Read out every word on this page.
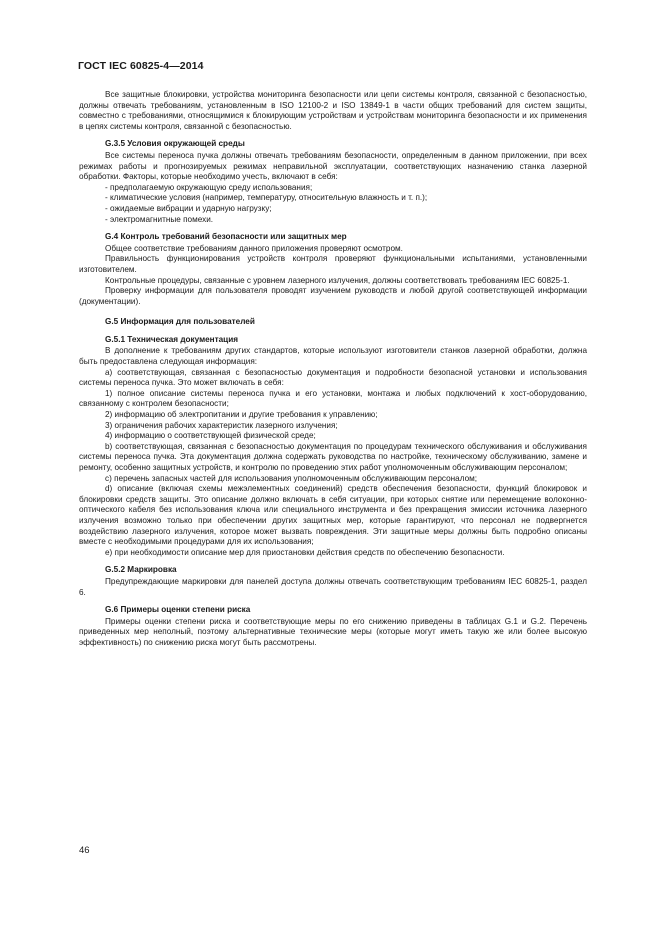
ГОСТ IEC 60825-4—2014

Все защитные блокировки, устройства мониторинга безопасности или цепи системы контроля, связанной с безопасностью, должны отвечать требованиям, установленным в ISO 12100-2 и ISO 13849-1 в части общих требований для систем защиты, совместно с требованиями, относящимися к блокирующим устройствам и устройствам мониторинга безопасности и их применения в цепях системы контроля, связанной с безопасностью.

G.3.5 Условия окружающей среды

Все системы переноса пучка должны отвечать требованиям безопасности, определенным в данном приложении, при всех режимах работы и прогнозируемых режимах неправильной эксплуатации, соответствующих назначению станка лазерной обработки. Факторы, которые необходимо учесть, включают в себя:

- предполагаемую окружающую среду использования;

- климатические условия (например, температуру, относительную влажность и т. п.);

- ожидаемые вибрации и ударную нагрузку;

- электромагнитные помехи.

G.4 Контроль требований безопасности или защитных мер

Общее соответствие требованиям данного приложения проверяют осмотром.

Правильность функционирования устройств контроля проверяют функциональными испытаниями, установленными изготовителем.

Контрольные процедуры, связанные с уровнем лазерного излучения, должны соответствовать требованиям IEC 60825-1.

Проверку информации для пользователя проводят изучением руководств и любой другой соответствующей информации (документации).

G.5 Информация для пользователей

G.5.1 Техническая документация

В дополнение к требованиям других стандартов, которые используют изготовители станков лазерной обработки, должна быть предоставлена следующая информация:

а) соответствующая, связанная с безопасностью документация и подробности безопасной установки и использования системы переноса пучка. Это может включать в себя:

1) полное описание системы переноса пучка и его установки, монтажа и любых подключений к хост-оборудованию, связанному с контролем безопасности;

2) информацию об электропитании и другие требования к управлению;

3) ограничения рабочих характеристик лазерного излучения;

4) информацию о соответствующей физической среде;

b) соответствующая, связанная с безопасностью документация по процедурам технического обслуживания и обслуживания системы переноса пучка. Эта документация должна содержать руководства по настройке, техническому обслуживанию, замене и ремонту, особенно защитных устройств, и контролю по проведению этих работ уполномоченным обслуживающим персоналом;

с) перечень запасных частей для использования уполномоченным обслуживающим персоналом;

d) описание (включая схемы межэлементных соединений) средств обеспечения безопасности, функций блокировок и блокировки средств защиты. Это описание должно включать в себя ситуации, при которых снятие или перемещение волоконно-оптического кабеля без использования ключа или специального инструмента и без прекращения эмиссии источника лазерного излучения возможно только при обеспечении других защитных мер, которые гарантируют, что персонал не подвергнется воздействию лазерного излучения, которое может вызвать повреждения. Эти защитные меры должны быть подробно описаны вместе с необходимыми процедурами для их использования;

е) при необходимости описание мер для приостановки действия средств по обеспечению безопасности.

G.5.2 Маркировка

Предупреждающие маркировки для панелей доступа должны отвечать соответствующим требованиям IEC 60825-1, раздел 6.

G.6 Примеры оценки степени риска

Примеры оценки степени риска и соответствующие меры по его снижению приведены в таблицах G.1 и G.2. Перечень приведенных мер неполный, поэтому альтернативные технические меры (которые могут иметь такую же или более высокую эффективность) по снижению риска могут быть рассмотрены.

46
